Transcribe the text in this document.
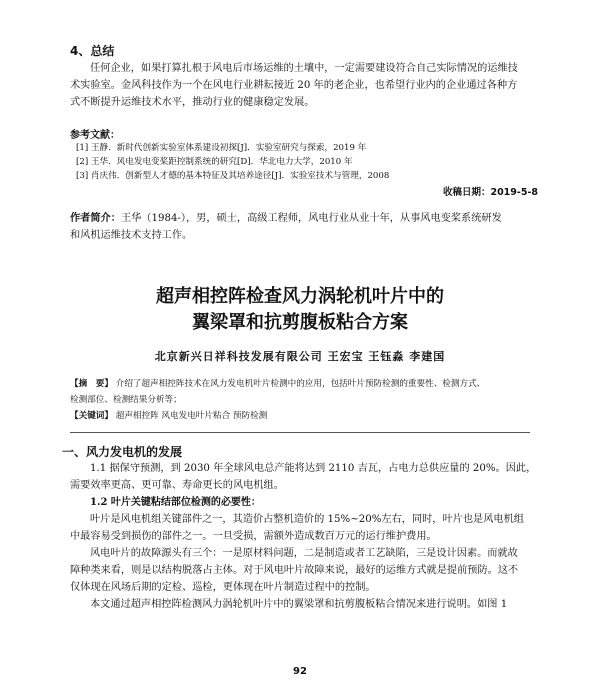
4、总结

任何企业，如果打算扎根于风电后市场运维的土壤中，一定需要建设符合自己实际情况的运维技

术实验室。金风科技作为一个在风电行业耕耘接近 20 年的老企业，也希望行业内的企业通过各种方

式不断提升运维技术水平，推动行业的健康稳定发展。

参考文献：
[1] 王静．新时代创新实验室体系建设初探[J]．实验室研究与探索，2019 年
[2] 王华．风电发电变桨距控制系统的研究[D]．华北电力大学，2010 年
[3] 肖庆伟．创新型人才德的基本特征及其培养途径[J]．实验室技术与管理，2008
收稿日期：2019-5-8
作者简介：王华（1984-），男，硕士，高级工程师，风电行业从业十年，从事风电变桨系统研发
和风机运维技术支持工作。
超声相控阵检查风力涡轮机叶片中的
翼梁罩和抗剪腹板粘合方案
北京新兴日祥科技发展有限公司 王宏宝 王钰淼 李建国
【摘　要】 介绍了超声相控阵技术在风力发电机叶片检测中的应用，包括叶片预防检测的重要性、检测方式、
检测部位、检测结果分析等；
【关键词】 超声相控阵 风电发电叶片粘合 预防检测
一、风力发电机的发展

1.1 据保守预测，到 2030 年全球风电总产能将达到 2110 吉瓦，占电力总供应量的 20%。因此，

需要效率更高、更可靠、寿命更长的风电机组。

1.2 叶片关键粘结部位检测的必要性：

叶片是风电机组关键部件之一，其造价占整机造价的 15%~20%左右，同时，叶片也是风电机组

中最容易受到损伤的部件之一。一旦受损，需额外造成数百万元的运行维护费用。

风电叶片的故障源头有三个：一是原材料问题，二是制造或者工艺缺陷，三是设计因素。而就故

障种类来看，则是以结构脱落占主体。对于风电叶片故障来说，最好的运维方式就是提前预防。这不

仅体现在风场后期的定检、巡检，更体现在叶片制造过程中的控制。

本文通过超声相控阵检测风力涡轮机叶片中的翼梁罩和抗剪腹板粘合情况来进行说明。如图 1

92
